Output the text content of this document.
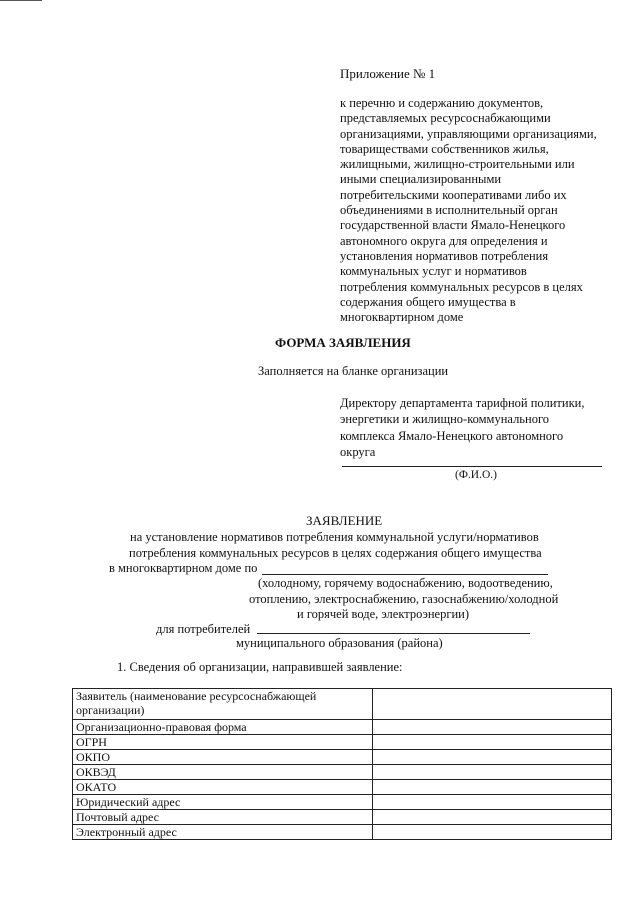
Приложение № 1
к перечню и содержанию документов,
представляемых ресурсоснабжающими
организациями, управляющими организациями,
товариществами собственников жилья,
жилищными, жилищно-строительными или
иными специализированными
потребительскими кооперативами либо их
объединениями в исполнительный орган
государственной власти Ямало-Ненецкого
автономного округа для определения и
установления нормативов потребления
коммунальных услуг и нормативов
потребления коммунальных ресурсов в целях
содержания общего имущества в
многоквартирном доме
ФОРМА ЗАЯВЛЕНИЯ
Заполняется на бланке организации
Директору департамента тарифной политики,
энергетики и жилищно-коммунального
комплекса Ямало-Ненецкого автономного
округа
(Ф.И.О.)
ЗАЯВЛЕНИЕ
на установление нормативов потребления коммунальной услуги/нормативов
потребления коммунальных ресурсов в целях содержания общего имущества
в многоквартирном доме по
(холодному, горячему водоснабжению, водоотведению,
отоплению, электроснабжению, газоснабжению/холодной
и горячей воде, электроэнергии)
для потребителей
муниципального образования (района)
1. Сведения об организации, направившей заявление:
Заявитель (наименование ресурсоснабжающей
организации)	

Организационно-правовая форма	
ОГРН	
ОКПО	
ОКВЭД	
ОКАТО	
Юридический адрес	
Почтовый адрес	
Электронный адрес	
